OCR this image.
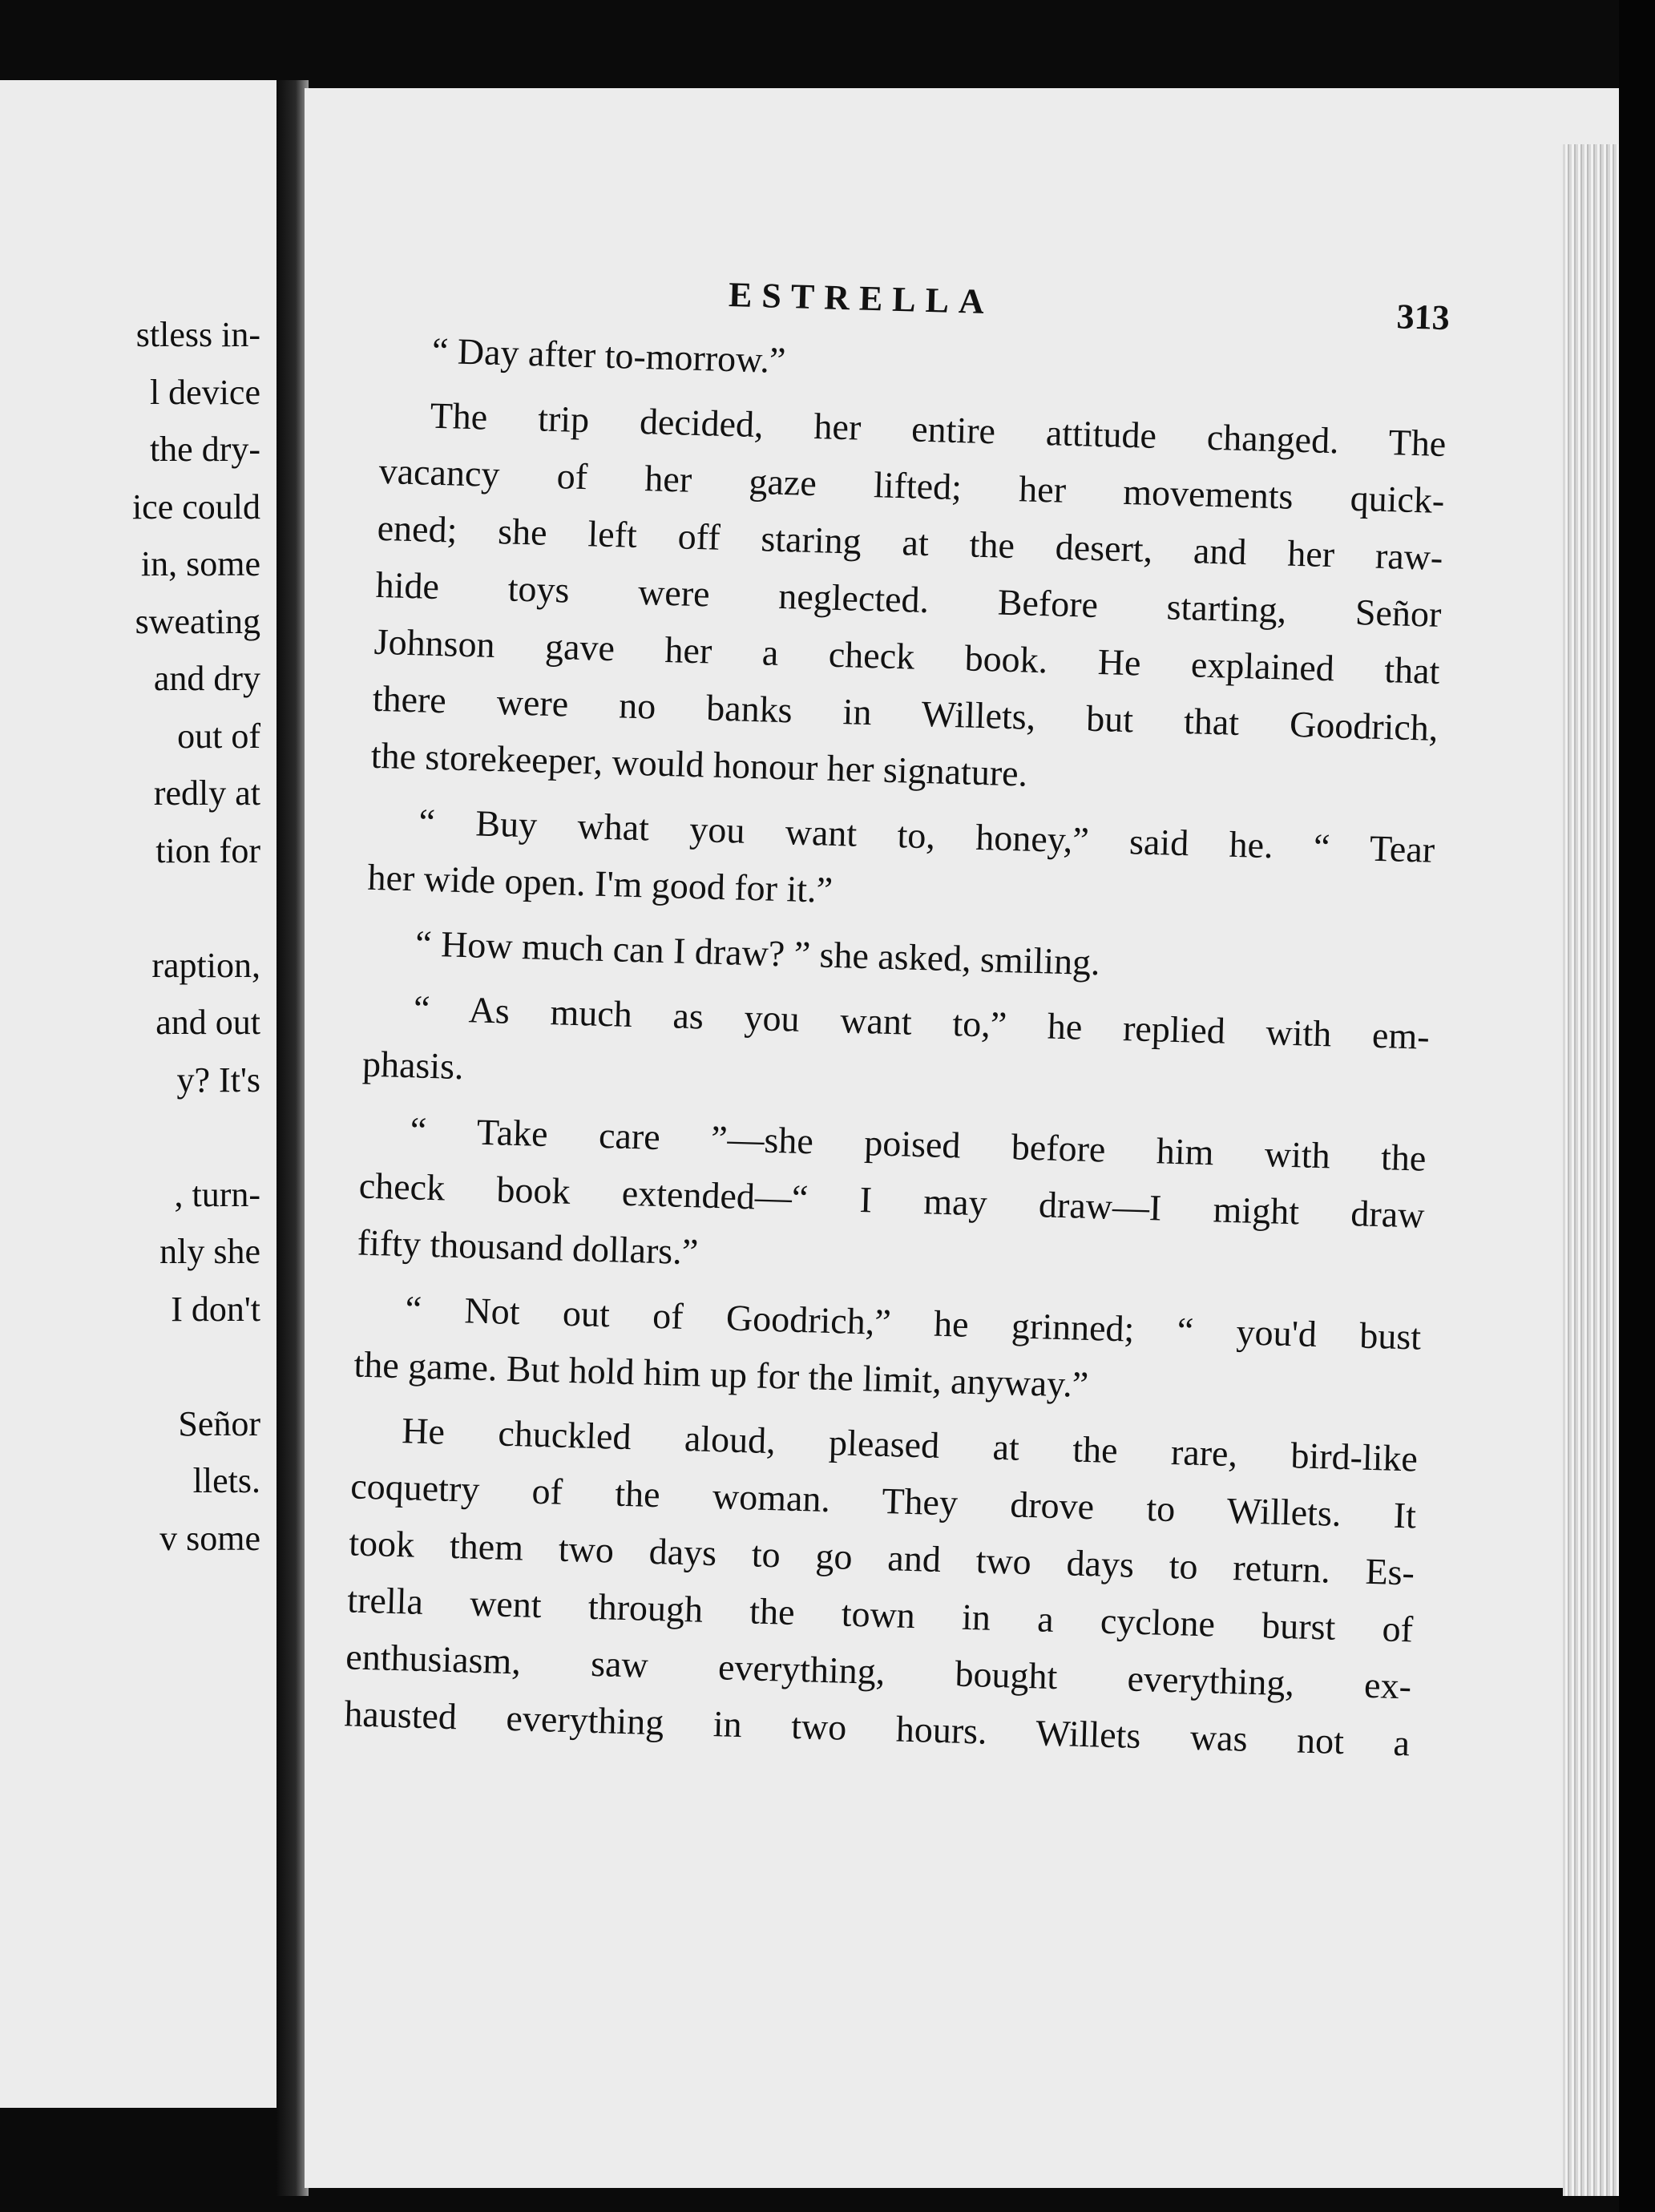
stless in-
l device
the dry-
ice could
in, some
sweating
and dry
out of
redly at
tion for
raption,
and out
y? It's
, turn-
nly she
I don't
Señor
llets.
v some
ESTRELLA	313
“ Day after to-morrow.”
The trip decided, her entire attitude changed. The
vacancy of her gaze lifted; her movements quick-
ened; she left off staring at the desert, and her raw-
hide toys were neglected. Before starting, Señor
Johnson gave her a check book. He explained that
there were no banks in Willets, but that Goodrich,
the storekeeper, would honour her signature.
“ Buy what you want to, honey,” said he. “ Tear
her wide open. I'm good for it.”
“ How much can I draw? ” she asked, smiling.
“ As much as you want to,” he replied with em-
phasis.
“ Take care ”—she poised before him with the
check book extended—“ I may draw—I might draw
fifty thousand dollars.”
“ Not out of Goodrich,” he grinned; “ you'd bust
the game. But hold him up for the limit, anyway.”
He chuckled aloud, pleased at the rare, bird-like
coquetry of the woman. They drove to Willets. It
took them two days to go and two days to return. Es-
trella went through the town in a cyclone burst of
enthusiasm, saw everything, bought everything, ex-
hausted everything in two hours. Willets was not a
